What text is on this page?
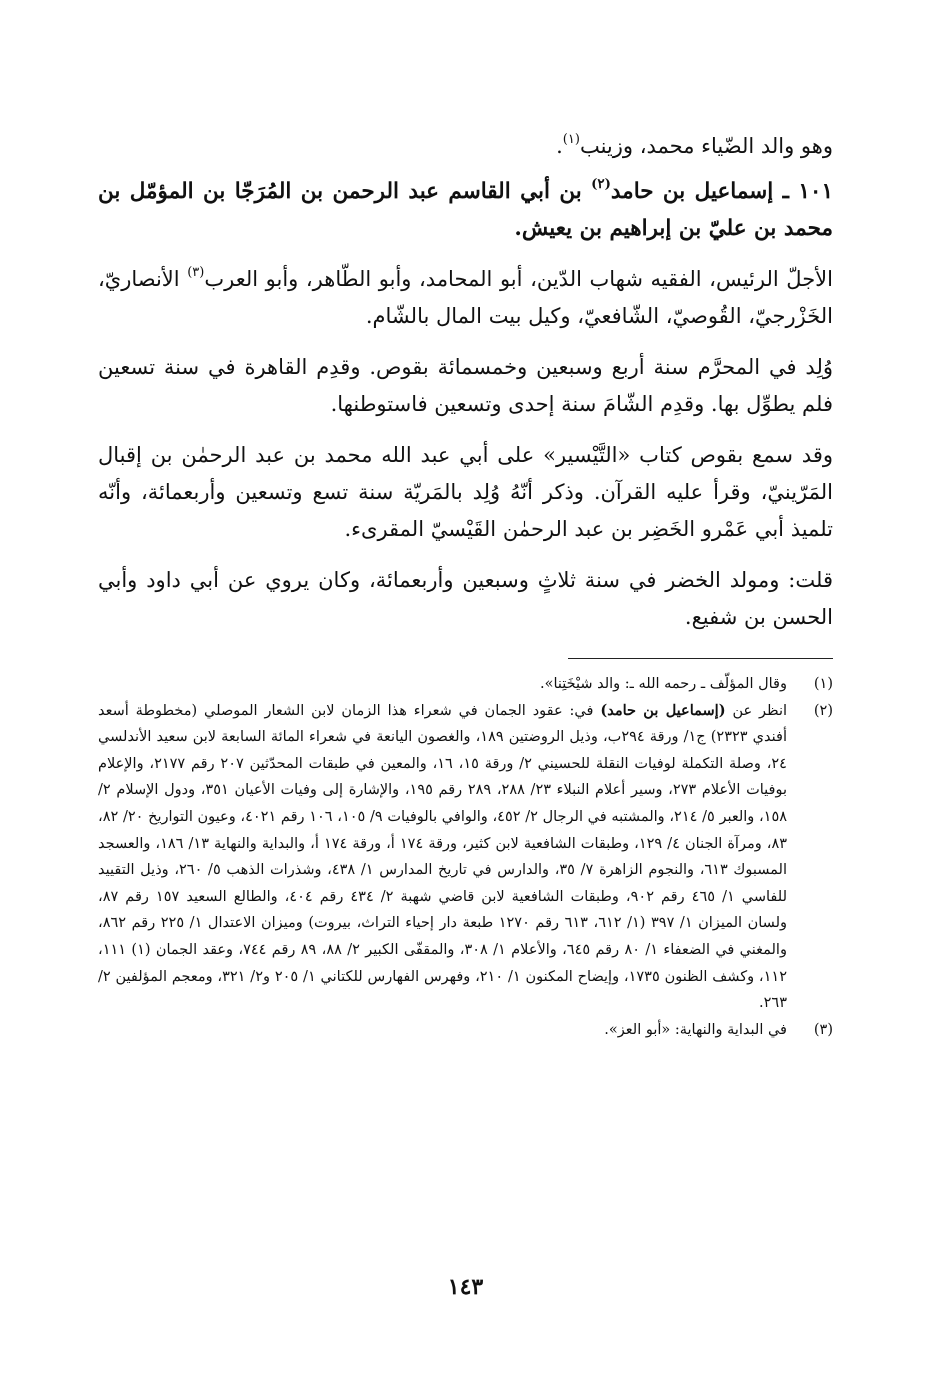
وهو والد الضّياء محمد، وزينب$^{(١)}$.

١٠١ ـ إسماعيل بن حامد$^{(٢)}$ بن أبي القاسم عبد الرحمن بن المُرَجّا بن المؤمّل بن محمد بن عليّ بن إبراهيم بن يعيش.

الأجلّ الرئيس، الفقيه شهاب الدّين، أبو المحامد، وأبو الطّاهر، وأبو العرب$^{(٣)}$ الأنصاريّ، الخَزْرجيّ، القُوصيّ، الشّافعيّ، وكيل بيت المال بالشّام.

وُلِد في المحرَّم سنة أربع وسبعين وخمسمائة بقوص. وقدِم القاهرة في سنة تسعين فلم يطوِّل بها. وقدِم الشّامَ سنة إحدى وتسعين فاستوطنها.

وقد سمع بقوص كتاب «التَّيْسير» على أبي عبد الله محمد بن عبد الرحمٰن بن إقبال المَرّينيّ، وقرأ عليه القرآن. وذكر أنّهُ وُلِد بالمَريّة سنة تسع وتسعين وأربعمائة، وأنّه تلميذ أبي عَمْرو الخَضِر بن عبد الرحمٰن القَيْسيّ المقرىء.

قلت: ومولد الخضر في سنة ثلاثٍ وسبعين وأربعمائة، وكان يروي عن أبي داود وأبي الحسن بن شفيع.

(١)
وقال المؤلّف ـ رحمه الله ـ: والد شيْخَتِنا».
(٢)
انظر عن (إسماعيل بن حامد) في: عقود الجمان في شعراء هذا الزمان لابن الشعار الموصلي (مخطوطة أسعد أفندي ٢٣٢٣) ج١/ ورقة ٢٩٤ب، وذيل الروضتين ١٨٩، والغصون اليانعة في شعراء المائة السابعة لابن سعيد الأندلسي ٢٤، وصلة التكملة لوفيات النقلة للحسيني ٢/ ورقة ١٥، ١٦، والمعين في طبقات المحدّثين ٢٠٧ رقم ٢١٧٧، والإعلام بوفيات الأعلام ٢٧٣، وسير أعلام النبلاء ٢٣/ ٢٨٨، ٢٨٩ رقم ١٩٥، والإشارة إلى وفيات الأعيان ٣٥١، ودول الإسلام ٢/ ١٥٨، والعبر ٥/ ٢١٤، والمشتبه في الرجال ٢/ ٤٥٢، والوافي بالوفيات ٩/ ١٠٥، ١٠٦ رقم ٤٠٢١، وعيون التواريخ ٢٠/ ٨٢، ٨٣، ومرآة الجنان ٤/ ١٢٩، وطبقات الشافعية لابن كثير، ورقة ١٧٤ أ، ورقة ١٧٤ أ، والبداية والنهاية ١٣/ ١٨٦، والعسجد المسبوك ٦١٣، والنجوم الزاهرة ٧/ ٣٥، والدارس في تاريخ المدارس ١/ ٤٣٨، وشذرات الذهب ٥/ ٢٦٠، وذيل التقييد للفاسي ١/ ٤٦٥ رقم ٩٠٢، وطبقات الشافعية لابن قاضي شهبة ٢/ ٤٣٤ رقم ٤٠٤، والطالع السعيد ١٥٧ رقم ٨٧، ولسان الميزان ١/ ٣٩٧ (١/ ٦١٢، ٦١٣ رقم ١٢٧٠ طبعة دار إحياء التراث، بيروت) وميزان الاعتدال ١/ ٢٢٥ رقم ٨٦٢، والمغني في الضعفاء ١/ ٨٠ رقم ٦٤٥، والأعلام ١/ ٣٠٨، والمقفّى الكبير ٢/ ٨٨، ٨٩ رقم ٧٤٤، وعقد الجمان (١) ١١١، ١١٢، وكشف الظنون ١٧٣٥، وإيضاح المكنون ١/ ٢١٠، وفهرس الفهارس للكتاني ١/ ٢٠٥ و٢/ ٣٢١، ومعجم المؤلفين ٢/ ٢٦٣.
(٣)
في البداية والنهاية: «أبو العز».
١٤٣
